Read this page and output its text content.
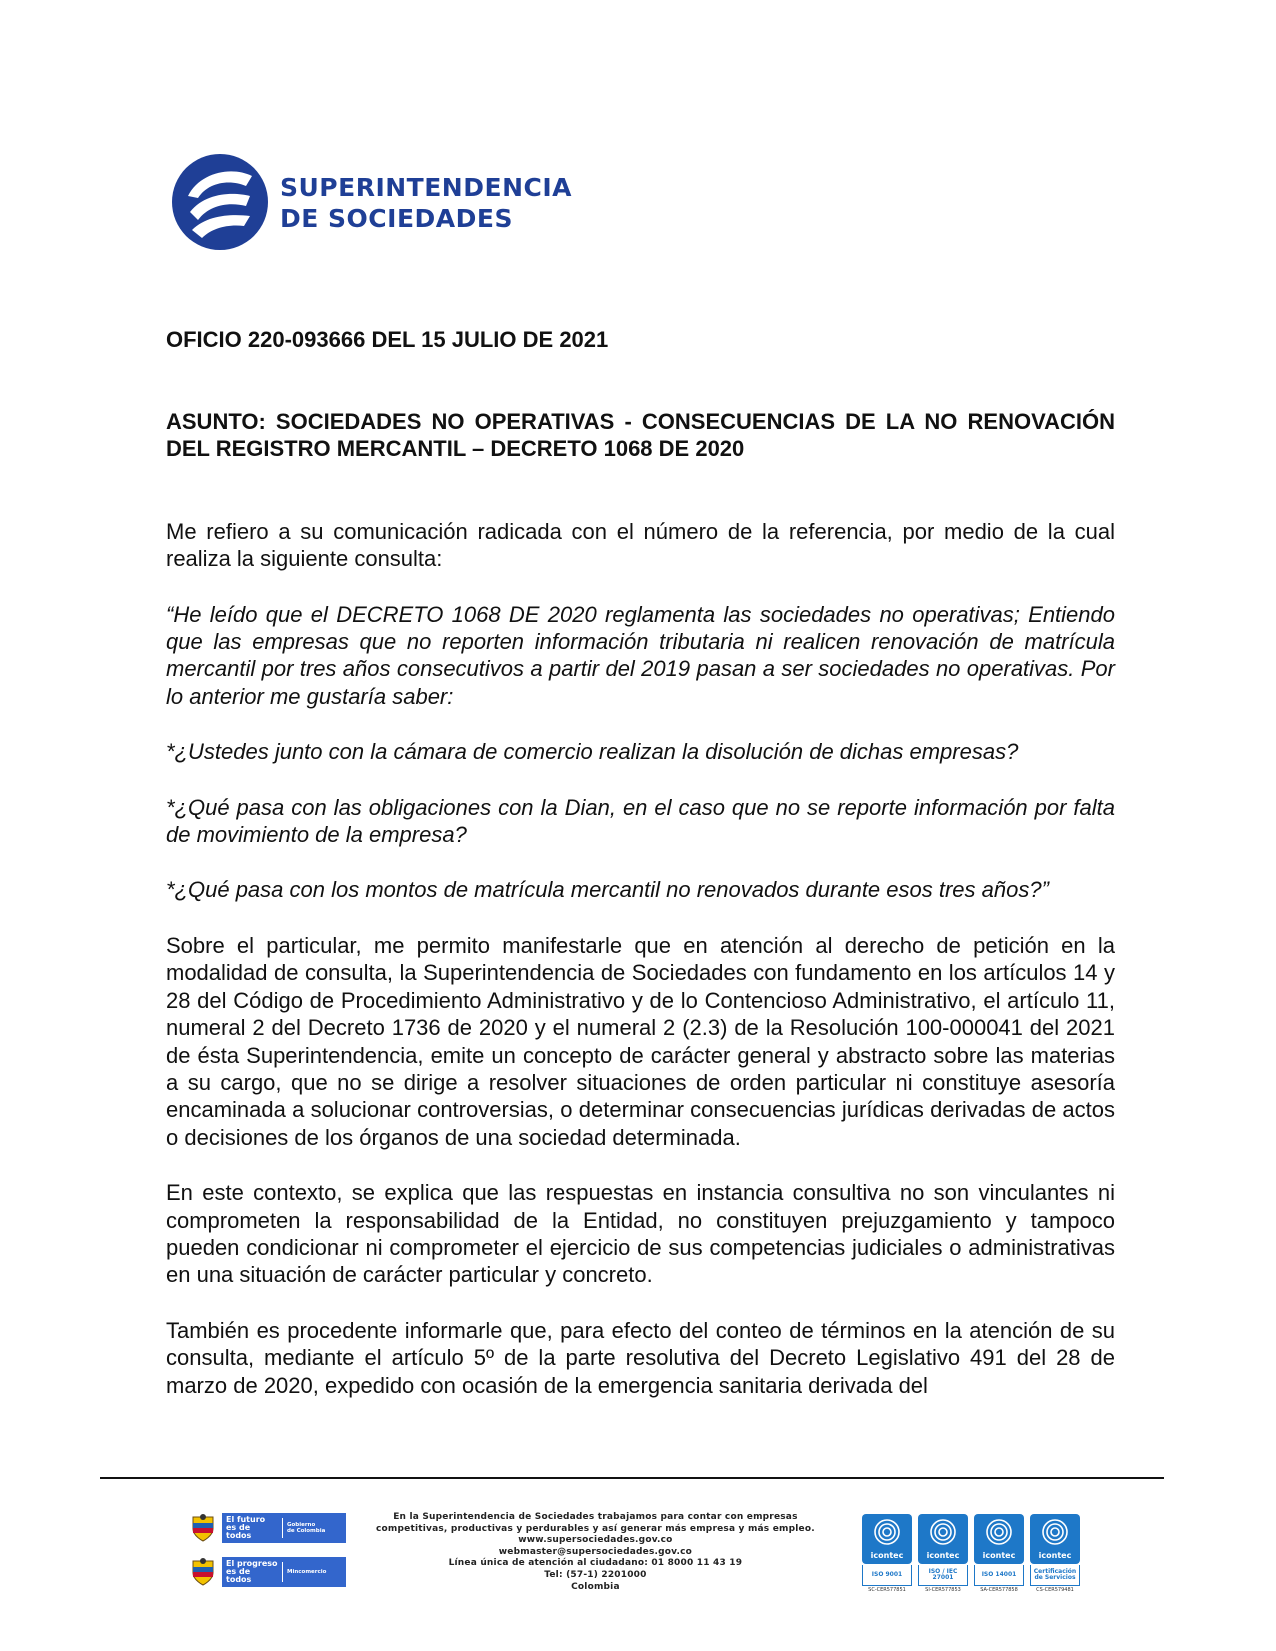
SUPERINTENDENCIA
DE SOCIEDADES

OFICIO 220-093666 DEL 15 JULIO DE 2021

ASUNTO: SOCIEDADES NO OPERATIVAS - CONSECUENCIAS DE LA NO RENOVACIÓN DEL REGISTRO MERCANTIL – DECRETO 1068 DE 2020

Me refiero a su comunicación radicada con el número de la referencia, por medio de la cual realiza la siguiente consulta:

“He leído que el DECRETO 1068 DE 2020 reglamenta las sociedades no operativas; Entiendo que las empresas que no reporten información tributaria ni realicen renovación de matrícula mercantil por tres años consecutivos a partir del 2019 pasan a ser sociedades no operativas. Por lo anterior me gustaría saber:

*¿Ustedes junto con la cámara de comercio realizan la disolución de dichas empresas?

*¿Qué pasa con las obligaciones con la Dian, en el caso que no se reporte información por falta de movimiento de la empresa?

*¿Qué pasa con los montos de matrícula mercantil no renovados durante esos tres años?”

Sobre el particular, me permito manifestarle que en atención al derecho de petición en la modalidad de consulta, la Superintendencia de Sociedades con fundamento en los artículos 14 y 28 del Código de Procedimiento Administrativo y de lo Contencioso Administrativo, el artículo 11, numeral 2 del Decreto 1736 de 2020 y el numeral 2 (2.3) de la Resolución 100-000041 del 2021 de ésta Superintendencia, emite un concepto de carácter general y abstracto sobre las materias a su cargo, que no se dirige a resolver situaciones de orden particular ni constituye asesoría encaminada a solucionar controversias, o determinar consecuencias jurídicas derivadas de actos o decisiones de los órganos de una sociedad determinada.

En este contexto, se explica que las respuestas en instancia consultiva no son vinculantes ni comprometen la responsabilidad de la Entidad, no constituyen prejuzgamiento y tampoco pueden condicionar ni comprometer el ejercicio de sus competencias judiciales o administrativas en una situación de carácter particular y concreto.

También es procedente informarle que, para efecto del conteo de términos en la atención de su consulta, mediante el artículo 5º de la parte resolutiva del Decreto Legislativo 491 del 28 de marzo de 2020, expedido con ocasión de la emergencia sanitaria derivada del

El futuro
es de todos
Gobierno
de Colombia
El progreso
es de todos
Mincomercio
En la Superintendencia de Sociedades trabajamos para contar con empresas
competitivas, productivas y perdurables y así generar más empresa y más empleo.
www.supersociedades.gov.co
webmaster@supersociedades.gov.co
Línea única de atención al ciudadano: 01 8000 11 43 19
Tel: (57-1) 2201000
Colombia
icontec
ISO 9001
SC-CER577851
icontec
ISO / IEC
27001
SI-CER577853
icontec
ISO 14001
SA-CER577858
icontec
Certificación
de Servicios
CS-CER579481
